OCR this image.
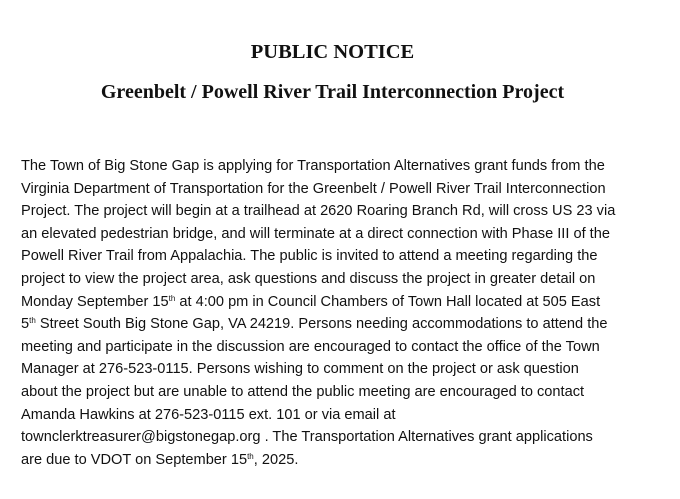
PUBLIC NOTICE
Greenbelt / Powell River Trail Interconnection Project
The Town of Big Stone Gap is applying for Transportation Alternatives grant funds from the
Virginia Department of Transportation for the Greenbelt / Powell River Trail Interconnection
Project. The project will begin at a trailhead at 2620 Roaring Branch Rd, will cross US 23 via
an elevated pedestrian bridge, and will terminate at a direct connection with Phase III of the
Powell River Trail from Appalachia. The public is invited to attend a meeting regarding the
project to view the project area, ask questions and discuss the project in greater detail on
Monday September 15th at 4:00 pm in Council Chambers of Town Hall located at 505 East
5th Street South Big Stone Gap, VA 24219. Persons needing accommodations to attend the
meeting and participate in the discussion are encouraged to contact the office of the Town
Manager at 276-523-0115. Persons wishing to comment on the project or ask question
about the project but are unable to attend the public meeting are encouraged to contact
Amanda Hawkins at 276-523-0115 ext. 101 or via email at
townclerktreasurer@bigstonegap.org . The Transportation Alternatives grant applications
are due to VDOT on September 15th, 2025.
